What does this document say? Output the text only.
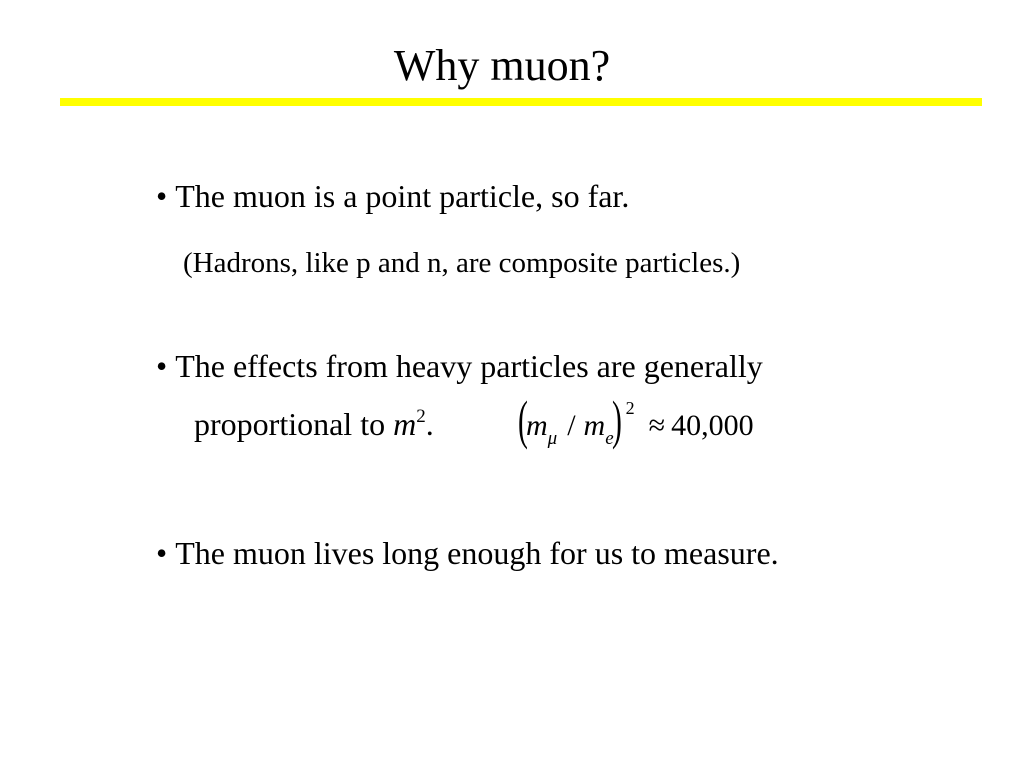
Why muon?
• The muon is a point particle, so far.
(Hadrons, like p and n, are composite particles.)
• The effects from heavy particles are generally
proportional to $m^2$. $(m_\mu / m_e)$ $^2$≈ 40,000
• The muon lives long enough for us to measure.
